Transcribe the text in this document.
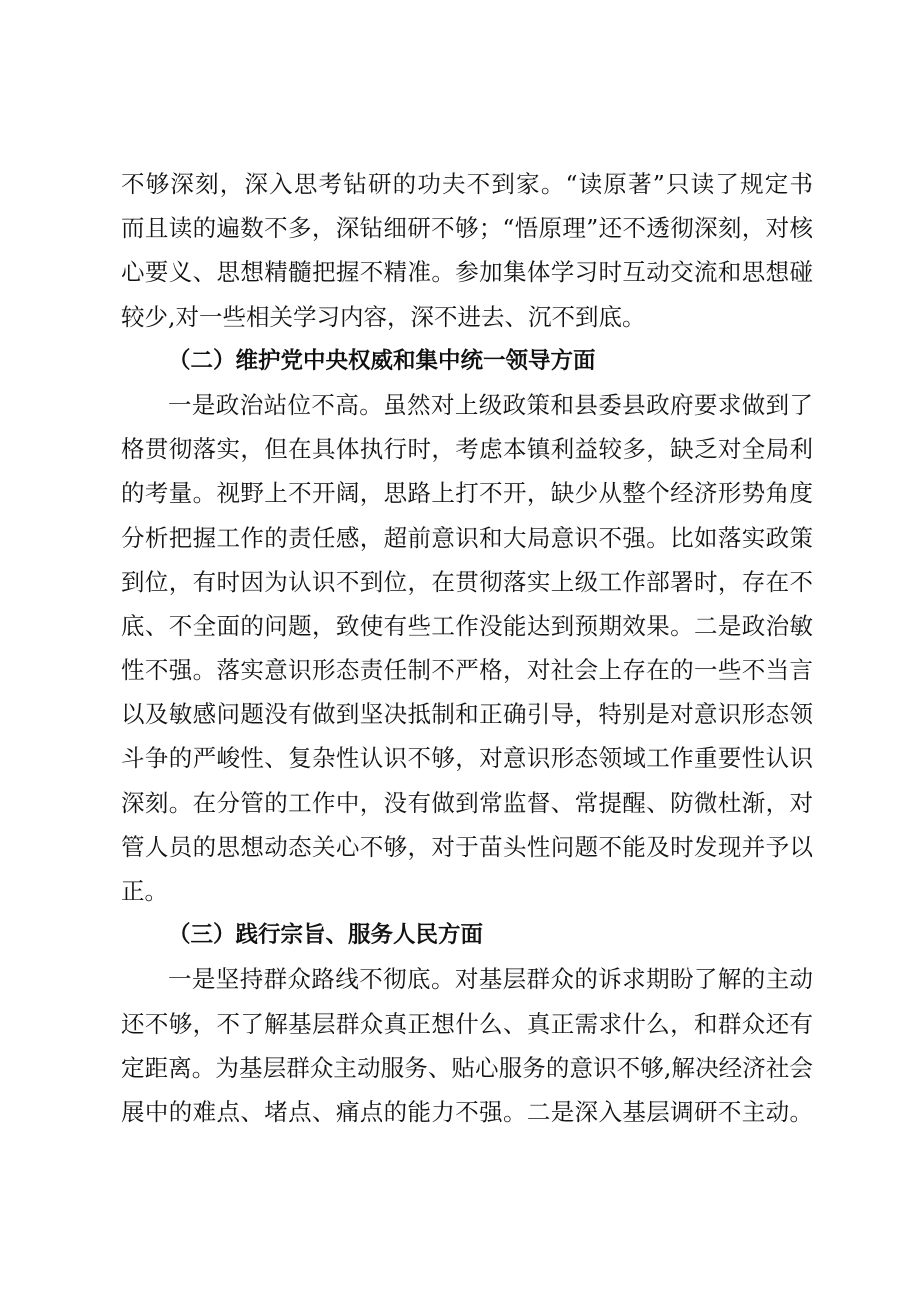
不够深刻，深入思考钻研的功夫不到家。“读原著”只读了规定书
而且读的遍数不多，深钻细研不够；“悟原理”还不透彻深刻，对核
心要义、思想精髓把握不精准。参加集体学习时互动交流和思想碰
较少,对一些相关学习内容，深不进去、沉不到底。
（二）维护党中央权威和集中统一领导方面
一是政治站位不高。虽然对上级政策和县委县政府要求做到了
格贯彻落实，但在具体执行时，考虑本镇利益较多，缺乏对全局利
的考量。视野上不开阔，思路上打不开，缺少从整个经济形势角度
分析把握工作的责任感，超前意识和大局意识不强。比如落实政策
到位，有时因为认识不到位，在贯彻落实上级工作部署时，存在不
底、不全面的问题，致使有些工作没能达到预期效果。二是政治敏
性不强。落实意识形态责任制不严格，对社会上存在的一些不当言
以及敏感问题没有做到坚决抵制和正确引导，特别是对意识形态领
斗争的严峻性、复杂性认识不够，对意识形态领域工作重要性认识
深刻。在分管的工作中，没有做到常监督、常提醒、防微杜渐，对
管人员的思想动态关心不够，对于苗头性问题不能及时发现并予以
正。
（三）践行宗旨、服务人民方面
一是坚持群众路线不彻底。对基层群众的诉求期盼了解的主动
还不够，不了解基层群众真正想什么、真正需求什么，和群众还有
定距离。为基层群众主动服务、贴心服务的意识不够,解决经济社会
展中的难点、堵点、痛点的能力不强。二是深入基层调研不主动。
